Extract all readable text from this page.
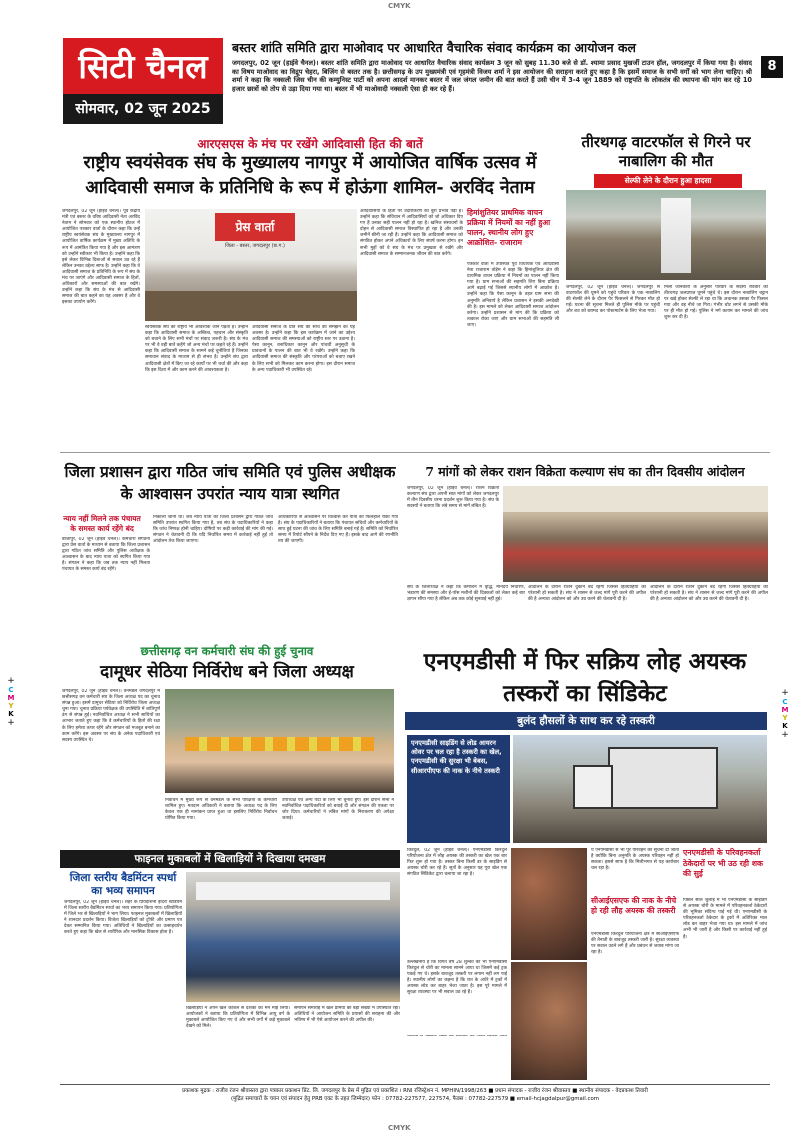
CMYK
+
C
M
Y
K
+
+
C
M
Y
K
+
सिटी चैनल
सोमवार, 02 जून 2025
बस्तर शांति समिति द्वारा माओवाद पर आधारित वैचारिक संवाद कार्यक्रम का आयोजन कल
जगदलपुर, 02 जून (हाईवे चैनल)। बस्तर शांति समिति द्वारा माओवाद पर आधारित वैचारिक संवाद कार्यक्रम 3 जून को सुबह 11.30 बजे से डॉ. श्यामा प्रसाद मुखर्जी टाउन हॉल, जगदलपुर में किया गया है। संवाद का विषय माओवाद का विद्रूप चेहरा, बिजिंग से बस्तर तक है। छत्तीसगढ़ के उप मुख्यमंत्री एवं गृहमंत्री विजय शर्मा ने इस आयोजन की सराहना करते हुए कहा है कि इसमें समाज के सभी वर्गों को भाग लेना चाहिए। श्री शर्मा ने कहा कि नक्सली जिस चीन की कम्युनिस्ट पार्टी को अपना आदर्श मानकर बस्तर में जल जंगल जमीन की बात करते हैं उसी चीन में 3-4 जून 1889 को राष्ट्रपति के लोकतंत्र की स्थापना की मांग कर रहे 10 हजार छात्रों को तोप से उड़ा दिया गया था। बस्तर में भी माओवादी नक्सली ऐसा ही कर रहे हैं।
8
आरएसएस के मंच पर रखेंगे आदिवासी हित की बातें
राष्ट्रीय स्वयंसेवक संघ के मुख्यालय नागपुर में आयोजित वार्षिक उत्सव में आदिवासी समाज के प्रतिनिधि के रूप में होऊंगा शामिल- अरविंद नेताम
जगदलपुर, 02 जून (हाईवे चैनल)। पूर्व केंद्रीय मंत्री एवं बस्तर के वरिष्ठ आदिवासी नेता अरविंद नेताम ने सोमवार को एक स्थानीय होटल में आयोजित पत्रकार वार्ता के दौरान कहा कि उन्हें राष्ट्रीय स्वयंसेवक संघ के मुख्यालय नागपुर में आयोजित वार्षिक कार्यक्रम में मुख्य अतिथि के रूप में आमंत्रित किया गया है और इस आमंत्रण को उन्होंने स्वीकार भी किया है। उन्होंने कहा कि इसे लेकर विभिन्न दिशाओं से सवाल उठ रहे हैं लेकिन उनका उद्देश्य साफ है। उन्होंने कहा कि वे आदिवासी समाज के प्रतिनिधि के रूप में संघ के मंच पर जाएंगे और आदिवासी समाज के हितों, अधिकारों और समस्याओं की बात रखेंगे। उन्होंने कहा कि संघ के मंच से आदिवासी समाज की बात कहने का यह अवसर है और वे इसका उपयोग करेंगे।
प्रेस वार्ता
जिला - बस्तर, जगदलपुर (छ.ग.)
स्वयंसेवक संघ की राष्ट्रीय भी आवश्यक जान पड़ता है। उन्होंने कहा कि आदिवासी समाज के अस्तित्व, पहचान और संस्कृति को बचाने के लिए सभी मंचों पर संवाद जरूरी है। संघ के मंच पर भी वे वही बातें कहेंगे जो अन्य मंचों पर कहते रहे हैं। उन्होंने कहा कि आदिवासी समाज के सामने कई चुनौतियां हैं जिनका समाधान संवाद के माध्यम से ही संभव है। उन्होंने संघ द्वारा आदिवासी क्षेत्रों में किए जा रहे कार्यों पर भी चर्चा की और कहा कि इस दिशा में और काम करने की आवश्यकता है।
आदिवासी समाज के प्रति संघ की सोच को समझने का यह अवसर है। उन्होंने कहा कि इस कार्यक्रम में जाने का उद्देश्य आदिवासी समाज की समस्याओं को राष्ट्रीय स्तर पर उठाना है। पेसा कानून, वनाधिकार कानून और पांचवीं अनुसूची के प्रावधानों के पालन की बात भी वे रखेंगे। उन्होंने कहा कि आदिवासी समाज की संस्कृति और परंपराओं को बचाए रखने के लिए सभी को मिलकर काम करना होगा। इस दौरान समाज के अन्य पदाधिकारी भी उपस्थित रहे।
आदिवासियों के हितों पर उदारीकरण का बुरा प्रभाव पड़ा है। उन्होंने कहा कि संविधान में आदिवासियों को जो अधिकार दिए गए हैं उनका सही पालन नहीं हो रहा है। खनिज संसाधनों के दोहन से आदिवासी समाज विस्थापित हो रहा है और उनकी जमीनें छीनी जा रही हैं। उन्होंने कहा कि आदिवासी समाज को संगठित होकर अपने अधिकारों के लिए संघर्ष करना होगा। इन सभी मुद्दों को वे संघ के मंच पर प्रमुखता से रखेंगे और आदिवासी समाज के सम्मानजनक जीवन की बात करेंगे।
हिमांशुतियर प्राथमिक वाचन प्रक्रिया में नियमों का नहीं हुआ पालन, स्थानीय लोग हुए आक्रोशित- राजाराम
पत्रकार वार्ता में उपस्थित पूर्व विधायक एवं आदिवासी नेता राजाराम तोड़ेम ने कहा कि हिमांशुतियर क्षेत्र की प्राथमिक वाचन प्रक्रिया में नियमों का पालन नहीं किया गया है। ग्राम सभाओं की सहमति लिए बिना प्रक्रिया आगे बढ़ाई गई जिससे स्थानीय लोगों में आक्रोश है। उन्होंने कहा कि पेसा कानून के तहत ग्राम सभा की अनुमति अनिवार्य है लेकिन प्रशासन ने इसकी अनदेखी की है। इस मामले को लेकर आदिवासी समाज आंदोलन करेगा। उन्होंने प्रशासन से मांग की कि प्रक्रिया को तत्काल रोका जाए और ग्राम सभाओं की सहमति ली जाए।
तीरथगढ़ वाटरफॉल से गिरने पर नाबालिग की मौत
सेल्फी लेने के दौरान हुआ हादसा
जगदलपुर, 02 जून (हाईवे चैनल)। जगदलपुर से वाटरफॉल की घूमने को पहुंचे परिवार के एक नाबालिग की सेल्फी लेने के दौरान पैर फिसलने से गिरकर मौत हो गई। घटना की सूचना मिलते ही पुलिस मौके पर पहुंची और शव को बरामद कर पोस्टमार्टम के लिए भेजा गया।
मिली जानकारी के अनुसार परिवार के सदस्य रविवार को तीरथगढ़ जलप्रपात घूमने पहुंचे थे। इस दौरान नाबालिग चट्टान पर खड़े होकर सेल्फी ले रहा था कि अचानक उसका पैर फिसल गया और वह नीचे जा गिरा। गंभीर चोट लगने से उसकी मौके पर ही मौत हो गई। पुलिस ने मर्ग कायम कर मामले की जांच शुरू कर दी है।
जिला प्रशासन द्वारा गठित जांच समिति एवं पुलिस अधीक्षक के आश्वासन उपरांत न्याय यात्रा स्थगित
न्याय नहीं मिलने तक पंचायत के समस्त कार्य रहेंगे बंद
बीजापुर, 02 जून (हाईवे चैनल)। कर्मचारी संगठनों द्वारा प्रेस वार्ता के माध्यम से बताया कि जिला प्रशासन द्वारा गठित जांच समिति और पुलिस अधीक्षक के आश्वासन के बाद न्याय यात्रा को स्थगित किया गया है। संगठन ने कहा कि जब तक न्याय नहीं मिलता पंचायत के समस्त कार्य बंद रहेंगे।
निकाली जानी थी। जब न्याय यात्रा को जिला प्रशासन द्वारा गठित जांच समिति उपरांत स्थगित किया गया है, तब संघ के पदाधिकारियों ने कहा कि जांच निष्पक्ष होनी चाहिए। दोषियों पर कड़ी कार्रवाई की मांग की गई। संगठन ने चेतावनी दी कि यदि निर्धारित समय में कार्रवाई नहीं हुई तो आंदोलन तेज किया जाएगा।
अधिकारियों से आश्वासन पर विश्वास कर यात्रा को फिलहाल रोका गया है। संघ के पदाधिकारियों ने बताया कि पंचायत सचिवों और कर्मचारियों के साथ हुई घटना की जांच के लिए समिति बनाई गई है। समिति को निर्धारित समय में रिपोर्ट सौंपने के निर्देश दिए गए हैं। इसके बाद आगे की रणनीति तय की जाएगी।
7 मांगों को लेकर राशन विक्रेता कल्याण संघ का तीन दिवसीय आंदोलन
जगदलपुर, 02 जून (हाईवे चैनल)। राशन विक्रेता कल्याण संघ द्वारा अपनी सात मांगों को लेकर जगदलपुर में तीन दिवसीय धरना प्रदर्शन शुरू किया गया है। संघ के सदस्यों ने बताया कि लंबे समय से मांगें लंबित हैं।
संघ के जिलाध्यक्ष ने कहा कि कमीशन में वृद्धि, मानदेय निर्धारण, भंडारण की समस्या और ई-पॉस मशीनों की दिक्कतों को लेकर कई बार ज्ञापन सौंपा गया है लेकिन अब तक कोई सुनवाई नहीं हुई।
आंदोलन के दौरान राशन दुकानें बंद रहेंगी जिससे हितग्राहियों को परेशानी हो सकती है। संघ ने शासन से जल्द मांगें पूरी करने की अपील की है अन्यथा आंदोलन को और उग्र करने की चेतावनी दी है।
आंदोलन के दौरान राशन दुकानें बंद रहेंगी जिससे हितग्राहियों को परेशानी हो सकती है। संघ ने शासन से जल्द मांगें पूरी करने की अपील की है अन्यथा आंदोलन को और उग्र करने की चेतावनी दी है।
छत्तीसगढ़ वन कर्मचारी संघ की हुई चुनाव
दामूधर सेठिया निर्विरोध बने जिला अध्यक्ष
जगदलपुर, 02 जून (हाईवे चैनल)। वनमंडल जगदलपुर में छत्तीसगढ़ वन कर्मचारी संघ के जिला अध्यक्ष पद का चुनाव संपन्न हुआ। इसमें दामूधर सेठिया को निर्विरोध जिला अध्यक्ष चुना गया। चुनाव प्रक्रिया पर्यवेक्षक की उपस्थिति में शांतिपूर्ण ढंग से संपन्न हुई। नवनिर्वाचित अध्यक्ष ने सभी साथियों का आभार जताते हुए कहा कि वे कर्मचारियों के हितों की रक्षा के लिए हमेशा तत्पर रहेंगे और संगठन को मजबूत बनाने का काम करेंगे। इस अवसर पर संघ के अनेक पदाधिकारी एवं सदस्य उपस्थित थे।
निर्वाचन में मुख्य रूप से वनमंडल के सभी परिक्षेत्रों के कर्मचारी शामिल हुए। मतदान अधिकारी ने बताया कि अध्यक्ष पद के लिए केवल एक ही नामांकन प्राप्त हुआ था इसलिए निर्विरोध निर्वाचन घोषित किया गया।
उपाध्यक्ष एवं अन्य पदों के लिए भी चुनाव हुए। इस दौरान सभी ने नवनिर्वाचित पदाधिकारियों को बधाई दी और संगठन की एकता पर जोर दिया। कर्मचारियों ने लंबित मांगों के निराकरण की अपेक्षा जताई।
एनएमडीसी में फिर सक्रिय लोह अयस्क तस्करों का सिंडिकेट
बुलंद हौसलों के साथ कर रहे तस्करी
एनएमडीसी साइडिंग से लोड आयरन ओवर पर चल रहा है तस्करी का खेल, एनएमडीसी की सुरक्षा भी बेबस, सीआरपीएफ की नाक के नीचे तस्करी
किरंदुल, 02 जून (हाईवे चैनल)। एनएमडीसी किरंदुल परियोजना क्षेत्र में लौह अयस्क की तस्करी का खेल एक बार फिर शुरू हो गया है। तस्कर बिना किसी डर के साइडिंग से अयस्क चोरी कर रहे हैं। सूत्रों के अनुसार यह पूरा खेल एक संगठित सिंडिकेट द्वारा चलाया जा रहा है।
उल्लेखनीय है कि विगत वर्ष 28 शुल्कों की भी एनएमडीसी किरंदुल से चोरी का मामला सामने आया था जिसमें कई ट्रक पकड़े गए थे। इसके बावजूद तस्करी पर लगाम नहीं लग पाई है। स्थानीय लोगों का कहना है कि रात के अंधेरे में ट्रकों में अयस्क लोड कर बाहर भेजा जाता है। इस पूरे मामले में सुरक्षा व्यवस्था पर भी सवाल उठ रहे हैं।
ये एनएमडीसी से भी पूरे परिवहन की सूचना दी जाती है क्योंकि बिना अनुमति के अयस्क परिवहन नहीं हो सकता। इससे साफ है कि मिलीभगत से यह कारोबार चल रहा है।
सीआईएसएफ की नाक के नीचे हो रही लौह अयस्क की तस्करी
एनएमडीसी किरंदुल परियोजना क्षेत्र में सीआईएसएफ की तैनाती के बावजूद तस्करी जारी है। सुरक्षा व्यवस्था पर सवाल उठने लगे हैं और प्रबंधन से जवाब मांगा जा रहा है।
एनएमडीसी के परिवहनकर्ता ठेकेदारों पर भी उठ रही शक की सुई
पिछले साल जुलाई में भी एनएमडीसी के साइडिंग से अयस्क चोरी के मामले में परिवहनकर्ता ठेकेदारों की भूमिका संदिग्ध पाई गई थी। एनएमडीसी के परिवहनकर्ता ठेकेदार के ट्रकों में अतिरिक्त माल लोड कर बाहर भेजा गया था। इस मामले में जांच अभी भी जारी है और किसी पर कार्रवाई नहीं हुई है।
फाइनल मुकाबलों में खिलाड़ियों ने दिखाया दमखम
जिला स्तरीय बैडमिंटन स्पर्धा का भव्य समापन
जगदलपुर, 02 जून (हाईवे चैनल)। शहर के प्रियदर्शिनी इंदिरा स्टेडियम में जिला स्तरीय बैडमिंटन स्पर्धा का भव्य समापन किया गया। प्रतियोगिता में जिले भर से खिलाड़ियों ने भाग लिया। फाइनल मुकाबलों में खिलाड़ियों ने शानदार प्रदर्शन किया। विजेता खिलाड़ियों को ट्रॉफी और प्रमाण पत्र देकर सम्मानित किया गया। अतिथियों ने खिलाड़ियों का उत्साहवर्धन करते हुए कहा कि खेल से शारीरिक और मानसिक विकास होता है।
खिलाड़ियों ने अपने खेल कौशल से दर्शकों का मन मोह लिया। आयोजकों ने बताया कि प्रतियोगिता में विभिन्न आयु वर्ग के मुकाबले आयोजित किए गए थे और सभी वर्गों में कड़े मुकाबले देखने को मिले।
समापन समारोह में खेल प्रेमियों की बड़ी संख्या में उपस्थिति रही। अतिथियों ने आयोजन समिति के प्रयासों की सराहना की और भविष्य में भी ऐसे आयोजन करने की अपील की।
प्रकाशक मुद्रक : राजीव रंजन श्रीवास्तव द्वारा पत्रकार प्रकाशन प्रिंट. लि. जगदलपुर के प्रेस में मुद्रित एवं प्रकाशित । RNI रजिस्ट्रेशन नं. MPHIN/1998/263 ■ प्रधान संपादक - राजीव रंजन श्रीवास्तव ■ स्थानीय संपादक - वेदप्रकाश तिवारी
(मुद्रित समाचारों के चयन एवं संपादन हेतु PRB एक्ट के तहत जिम्मेदार) फोन : 07782-227577, 227574, फैक्स : 07782-227579 ■ email-hcjagdalpur@gmail.com
CMYK
